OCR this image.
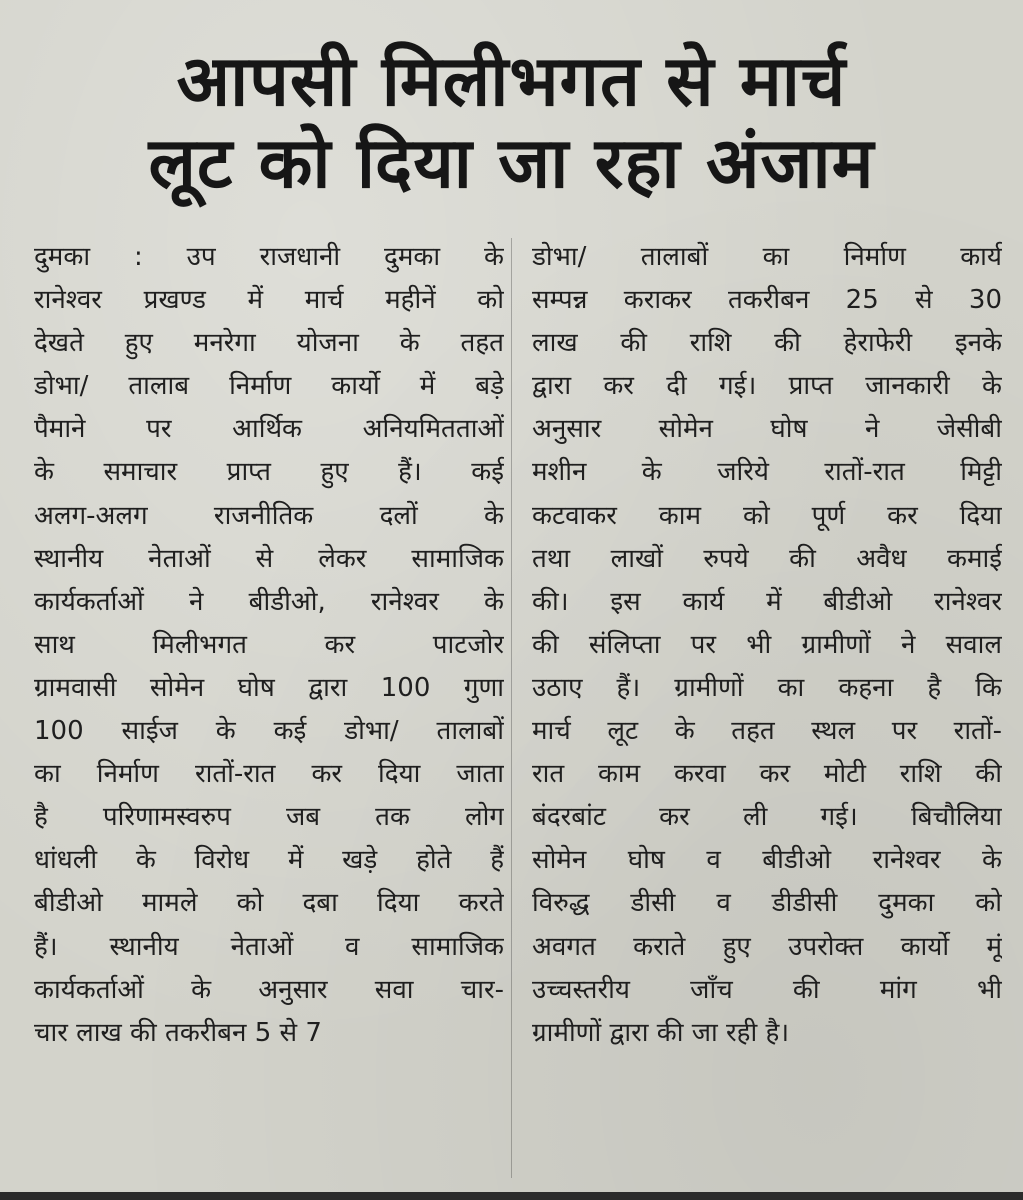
आपसी मिलीभगत से मार्च
लूट को दिया जा रहा अंजाम
दुमका : उप राजधानी दुमका के
रानेश्वर प्रखण्ड में मार्च महीनें को
देखते हुए मनरेगा योजना के तहत
डोभा/ तालाब निर्माण कार्यो में बड़े
पैमाने पर आर्थिक अनियमितताओं
के समाचार प्राप्त हुए हैं। कई
अलग-अलग राजनीतिक दलों के
स्थानीय नेताओं से लेकर सामाजिक
कार्यकर्ताओं ने बीडीओ, रानेश्वर के
साथ मिलीभगत कर पाटजोर
ग्रामवासी सोमेन घोष द्वारा 100 गुणा
100 साईज के कई डोभा/ तालाबों
का निर्माण रातों-रात कर दिया जाता
है परिणामस्वरुप जब तक लोग
धांधली के विरोध में खड़े होते हैं
बीडीओ मामले को दबा दिया करते
हैं। स्थानीय नेताओं व सामाजिक
कार्यकर्ताओं के अनुसार सवा चार-
चार लाख की तकरीबन 5 से 7
डोभा/ तालाबों का निर्माण कार्य
सम्पन्न कराकर तकरीबन 25 से 30
लाख की राशि की हेराफेरी इनके
द्वारा कर दी गई। प्राप्त जानकारी के
अनुसार सोमेन घोष ने जेसीबी
मशीन के जरिये रातों-रात मिट्टी
कटवाकर काम को पूर्ण कर दिया
तथा लाखों रुपये की अवैध कमाई
की। इस कार्य में बीडीओ रानेश्वर
की संलिप्ता पर भी ग्रामीणों ने सवाल
उठाए हैं। ग्रामीणों का कहना है कि
मार्च लूट के तहत स्थल पर रातों-
रात काम करवा कर मोटी राशि की
बंदरबांट कर ली गई। बिचौलिया
सोमेन घोष व बीडीओ रानेश्वर के
विरुद्ध डीसी व डीडीसी दुमका को
अवगत कराते हुए उपरोक्त कार्यो मूं
उच्चस्तरीय जाँच की मांग भी
ग्रामीणों द्वारा की जा रही है।
